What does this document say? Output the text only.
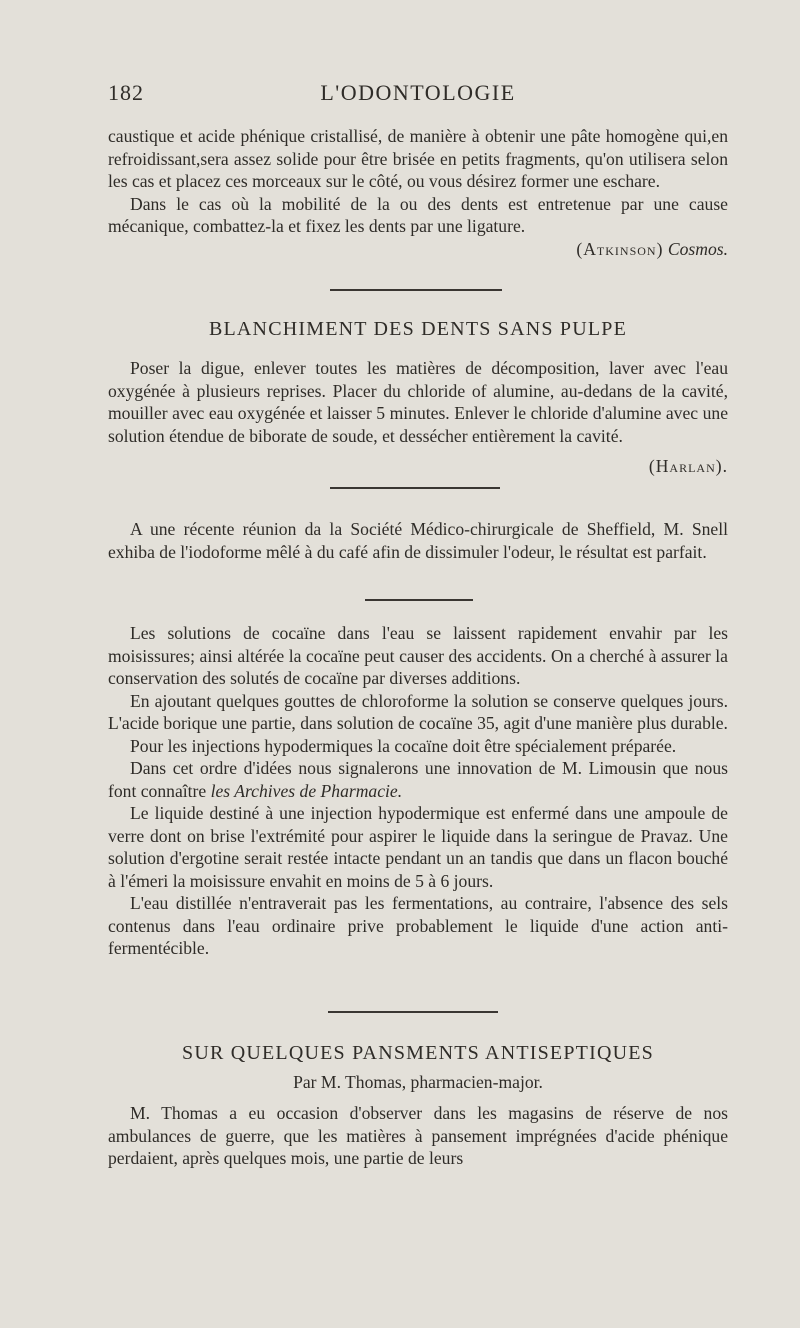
182	L'ODONTOLOGIE

caustique et acide phénique cristallisé, de manière à obtenir une pâte homogène qui,en refroidissant,sera assez solide pour être brisée en petits fragments, qu'on utilisera selon les cas et placez ces morceaux sur le côté, ou vous désirez former une eschare.

Dans le cas où la mobilité de la ou des dents est entretenue par une cause mécanique, combattez-la et fixez les dents par une ligature.

(Atkinson) Cosmos.
BLANCHIMENT DES DENTS SANS PULPE

Poser la digue, enlever toutes les matières de décomposition, laver avec l'eau oxygénée à plusieurs reprises. Placer du chloride of alumine, au-dedans de la cavité, mouiller avec eau oxygénée et laisser 5 minutes. Enlever le chloride d'alumine avec une solution étendue de biborate de soude, et dessécher entièrement la cavité.

(Harlan).

A une récente réunion da la Société Médico-chirurgicale de Sheffield, M. Snell exhiba de l'iodoforme mêlé à du café afin de dissimuler l'odeur, le résultat est parfait.

Les solutions de cocaïne dans l'eau se laissent rapidement envahir par les moisissures; ainsi altérée la cocaïne peut causer des accidents. On a cherché à assurer la conservation des solutés de cocaïne par diverses additions.

En ajoutant quelques gouttes de chloroforme la solution se conserve quelques jours. L'acide borique une partie, dans solution de cocaïne 35, agit d'une manière plus durable.

Pour les injections hypodermiques la cocaïne doit être spécialement préparée.

Dans cet ordre d'idées nous signalerons une innovation de M. Limousin que nous font connaître les Archives de Pharmacie.

Le liquide destiné à une injection hypodermique est enfermé dans une ampoule de verre dont on brise l'extrémité pour aspirer le liquide dans la seringue de Pravaz. Une solution d'ergotine serait restée intacte pendant un an tandis que dans un flacon bouché à l'émeri la moisissure envahit en moins de 5 à 6 jours.

L'eau distillée n'entraverait pas les fermentations, au contraire, l'absence des sels contenus dans l'eau ordinaire prive probablement le liquide d'une action anti-fermentécible.

SUR QUELQUES PANSMENTS ANTISEPTIQUES
Par M. Thomas, pharmacien-major.

M. Thomas a eu occasion d'observer dans les magasins de réserve de nos ambulances de guerre, que les matières à pansement imprégnées d'acide phénique perdaient, après quelques mois, une partie de leurs
